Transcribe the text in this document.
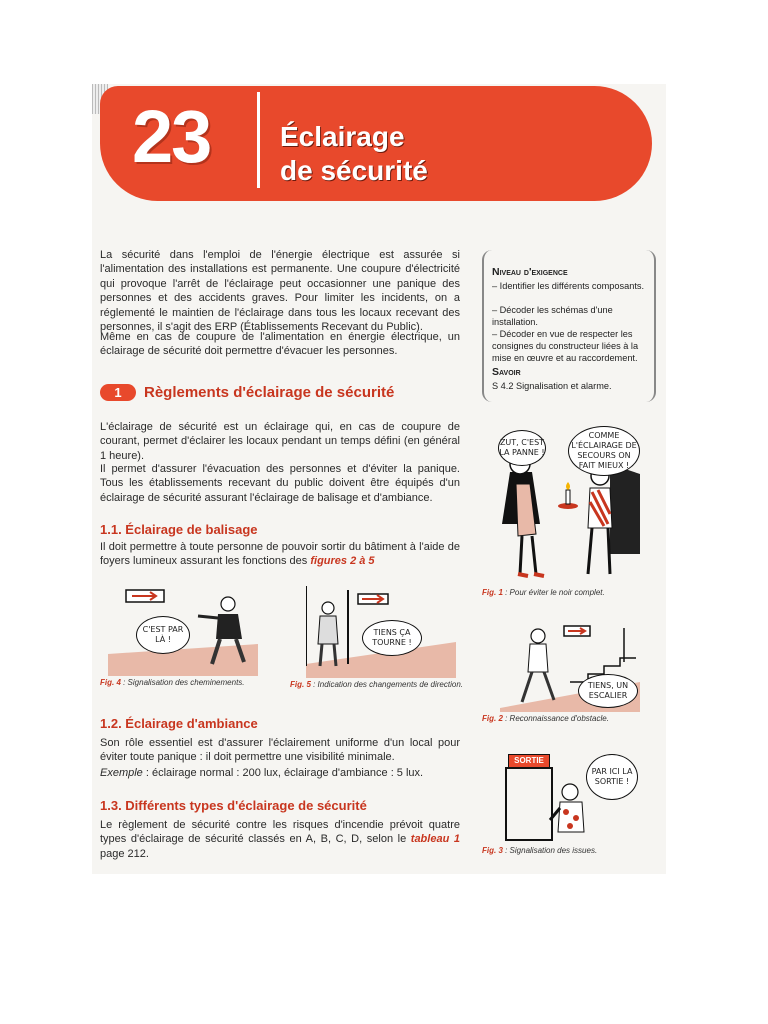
23 Éclairage
de sécurité
La sécurité dans l'emploi de l'énergie électrique est assurée si l'alimentation des installations est permanente. Une coupure d'électricité qui provoque l'arrêt de l'éclairage peut occasionner une panique des personnes et des accidents graves. Pour limiter les incidents, on a réglementé le maintien de l'éclairage dans tous les locaux recevant des personnes, il s'agit des ERP (Établissements Recevant du Public).
Même en cas de coupure de l'alimentation en énergie électrique, un éclairage de sécurité doit permettre d'évacuer les personnes.
Niveau d'exigence
– Identifier les différents composants.
– Décoder les schémas d'une installation.
– Décoder en vue de respecter les consignes du constructeur liées à la mise en œuvre et au raccordement.
Savoir
S 4.2 Signalisation et alarme.
1	Règlements d'éclairage de sécurité
L'éclairage de sécurité est un éclairage qui, en cas de coupure de courant, permet d'éclairer les locaux pendant un temps défini (en général 1 heure).
Il permet d'assurer l'évacuation des personnes et d'éviter la panique. Tous les établissements recevant du public doivent être équipés d'un éclairage de sécurité assurant l'éclairage de balisage et d'ambiance.
1.1. Éclairage de balisage
Il doit permettre à toute personne de pouvoir sortir du bâtiment à l'aide de foyers lumineux assurant les fonctions des figures 2 à 5
C'EST PAR LÀ !
TIENS ÇA TOURNE !
Fig. 4 : Signalisation des cheminements.	Fig. 5 : Indication des changements de direction.
1.2. Éclairage d'ambiance
Son rôle essentiel est d'assurer l'éclairement uniforme d'un local pour éviter toute panique : il doit permettre une visibilité minimale.
Exemple : éclairage normal : 200 lux, éclairage d'ambiance : 5 lux.
1.3. Différents types d'éclairage de sécurité
Le règlement de sécurité contre les risques d'incendie prévoit quatre types d'éclairage de sécurité classés en A, B, C, D, selon le tableau 1 page 212.
ZUT, C'EST LA PANNE !
COMME L'ÉCLAIRAGE DE SECOURS ON FAIT MIEUX !
Fig. 1 : Pour éviter le noir complet.
TIENS, UN ESCALIER
Fig. 2 : Reconnaissance d'obstacle.
SORTIE
PAR ICI LA SORTIE !
Fig. 3 : Signalisation des issues.
